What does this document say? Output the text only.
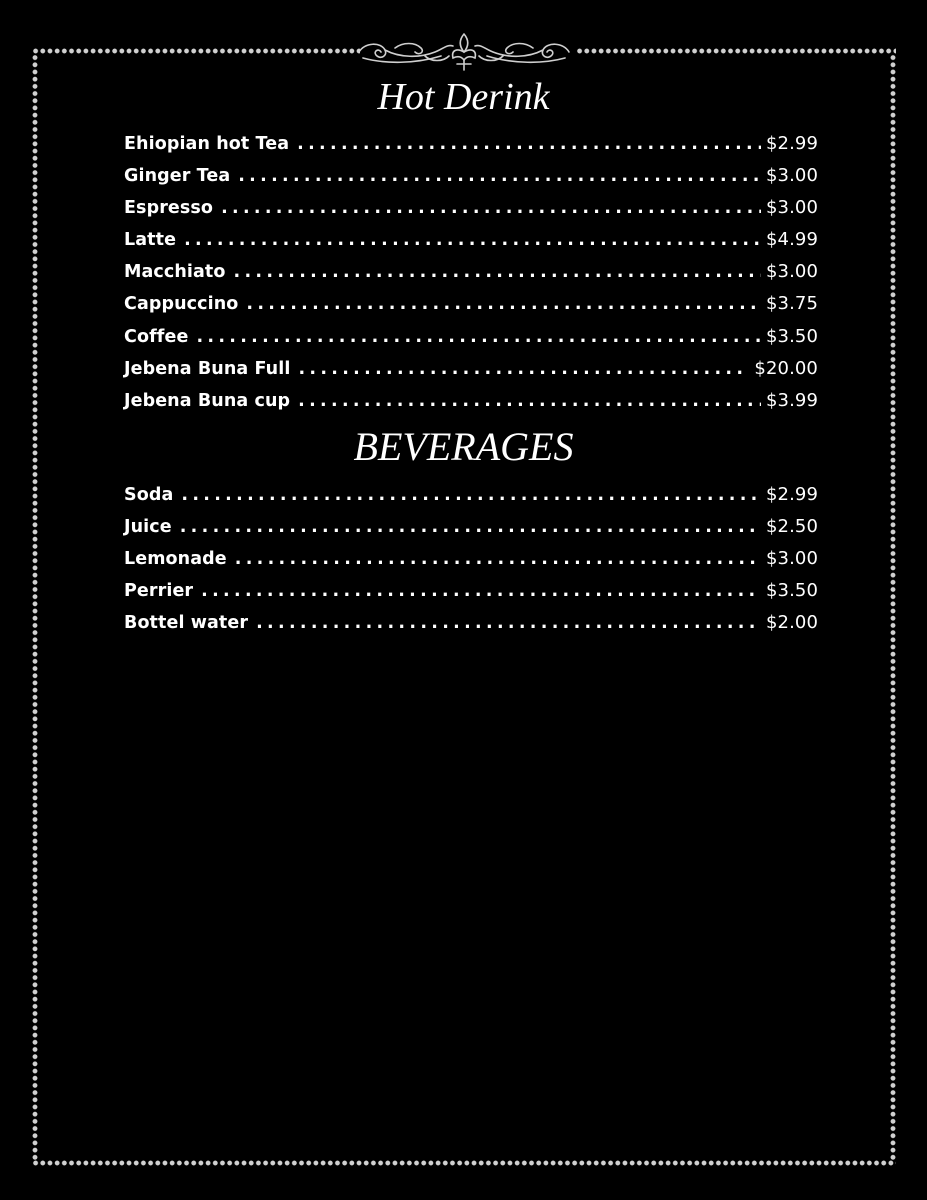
Hot Derink
Ehiopian hot Tea .....	$2.99
Ginger Tea .....	$3.00
Espresso .....	$3.00
Latte .....	$4.99
Macchiato .....	$3.00
Cappuccino .....	$3.75
Coffee .....	$3.50
Jebena Buna Full .....	$20.00
Jebena Buna cup .....	$3.99
BEVERAGES
Soda .....	$2.99
Juice .....	$2.50
Lemonade .....	$3.00
Perrier .....	$3.50
Bottel water .....	$2.00
